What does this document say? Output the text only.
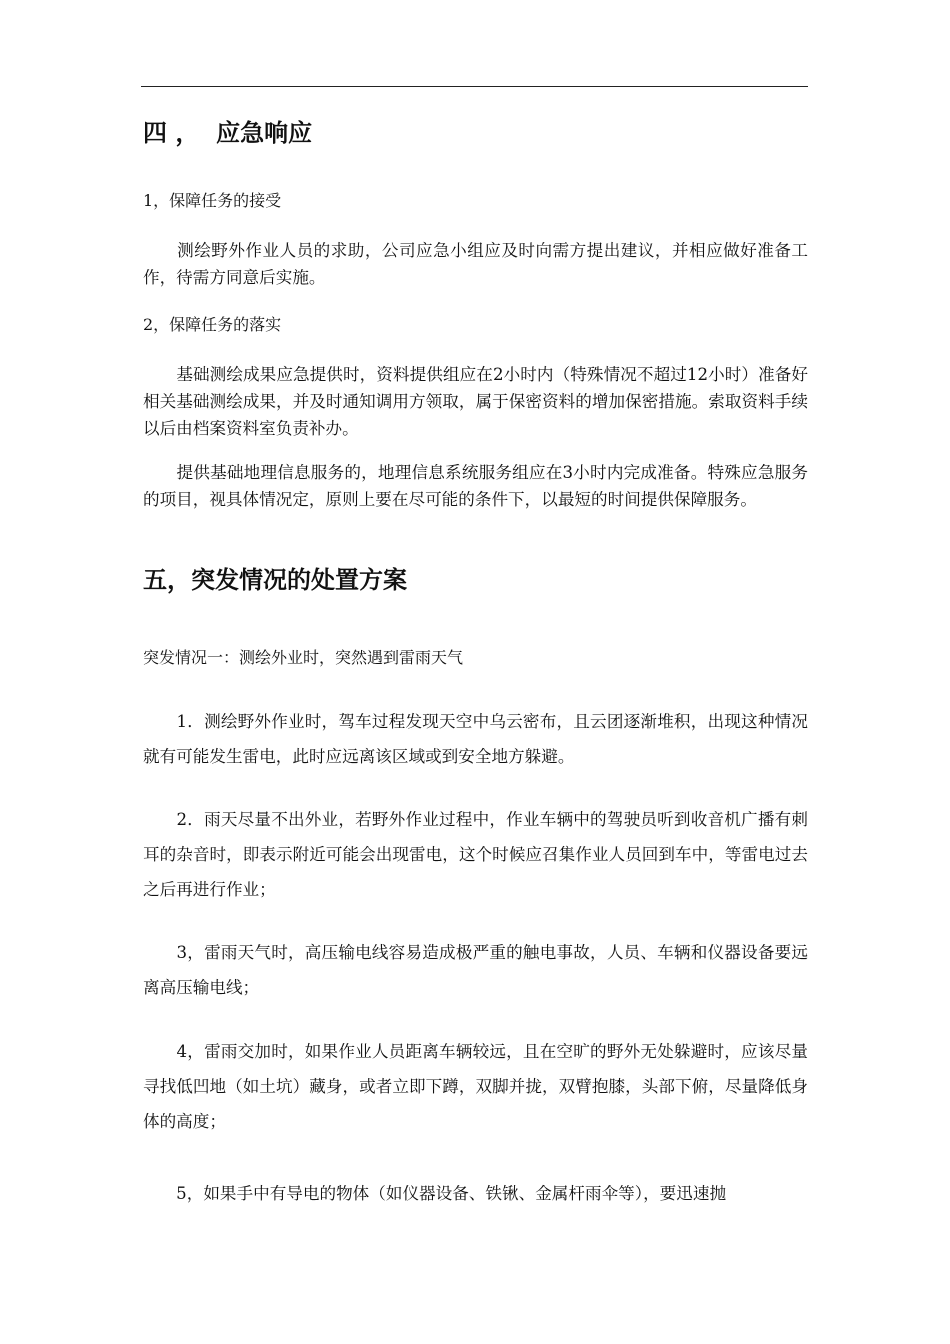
四 ，  应急响应

1，保障任务的接受

　　测绘野外作业人员的求助，公司应急小组应及时向需方提出建议，并相应做好准备工作，待需方同意后实施。

2，保障任务的落实

　　基础测绘成果应急提供时，资料提供组应在2小时内（特殊情况不超过12小时）准备好相关基础测绘成果，并及时通知调用方领取，属于保密资料的增加保密措施。索取资料手续以后由档案资料室负责补办。

　　提供基础地理信息服务的，地理信息系统服务组应在3小时内完成准备。特殊应急服务的项目，视具体情况定，原则上要在尽可能的条件下，以最短的时间提供保障服务。

五，突发情况的处置方案

突发情况一：测绘外业时，突然遇到雷雨天气

　　1．测绘野外作业时，驾车过程发现天空中乌云密布，且云团逐渐堆积，出现这种情况就有可能发生雷电，此时应远离该区域或到安全地方躲避。

　　2．雨天尽量不出外业，若野外作业过程中，作业车辆中的驾驶员听到收音机广播有刺耳的杂音时，即表示附近可能会出现雷电，这个时候应召集作业人员回到车中，等雷电过去之后再进行作业；

　　3，雷雨天气时，高压输电线容易造成极严重的触电事故，人员、车辆和仪器设备要远离高压输电线；

　　4，雷雨交加时，如果作业人员距离车辆较远，且在空旷的野外无处躲避时，应该尽量寻找低凹地（如土坑）藏身，或者立即下蹲，双脚并拢，双臂抱膝，头部下俯，尽量降低身体的高度；

　　5，如果手中有导电的物体（如仪器设备、铁锹、金属杆雨伞等），要迅速抛
